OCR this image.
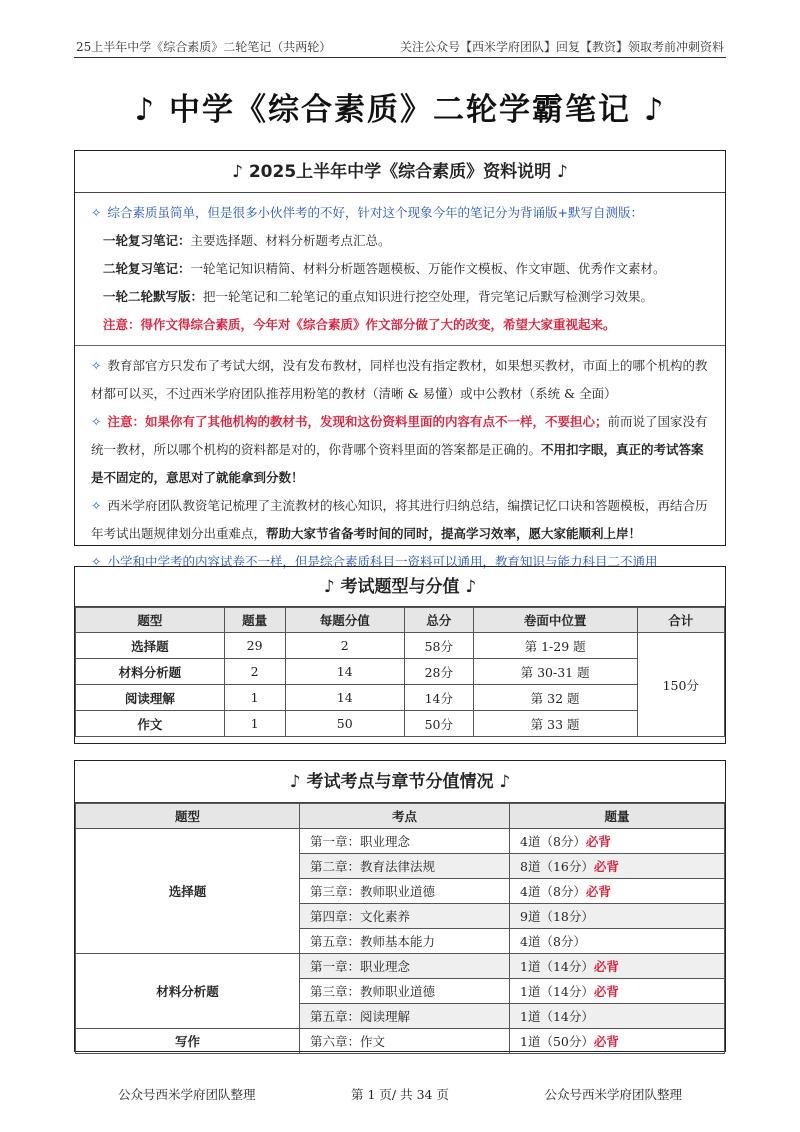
25上半年中学《综合素质》二轮笔记（共两轮）	关注公众号【西米学府团队】回复【教资】领取考前冲刺资料
♪ 中学《综合素质》二轮学霸笔记 ♪
♪ 2025上半年中学《综合素质》资料说明 ♪
✧ 综合素质虽简单，但是很多小伙伴考的不好，针对这个现象今年的笔记分为背诵版+默写自测版：
一轮复习笔记：主要选择题、材料分析题考点汇总。
二轮复习笔记：一轮笔记知识精简、材料分析题答题模板、万能作文模板、作文审题、优秀作文素材。
一轮二轮默写版：把一轮笔记和二轮笔记的重点知识进行挖空处理，背完笔记后默写检测学习效果。
注意：得作文得综合素质，今年对《综合素质》作文部分做了大的改变，希望大家重视起来。
✧ 教育部官方只发布了考试大纲，没有发布教材，同样也没有指定教材，如果想买教材，市面上的哪个机构的教材都可以买，不过西米学府团队推荐用粉笔的教材（清晰 & 易懂）或中公教材（系统 & 全面）
✧ 注意：如果你有了其他机构的教材书，发现和这份资料里面的内容有点不一样，不要担心；前而说了国家没有统一教材，所以哪个机构的资料都是对的，你背哪个资料里面的答案都是正确的。不用扣字眼，真正的考试答案是不固定的，意思对了就能拿到分数！
✧ 西米学府团队教资笔记梳理了主流教材的核心知识，将其进行归纳总结，编撰记忆口诀和答题模板，再结合历年考试出题规律划分出重难点，帮助大家节省备考时间的同时，提高学习效率，愿大家能顺利上岸！
✧ 小学和中学考的内容试卷不一样，但是综合素质科目一资料可以通用，教育知识与能力科目二不通用
♪ 考试题型与分值 ♪
题型	题量	每题分值	总分	卷面中位置	合计
选择题	29	2	58分	第 1-29 题	150分
材料分析题	2	14	28分	第 30-31 题	
阅读理解	1	14	14分	第 32 题	
作文	1	50	50分	第 33 题	
♪ 考试考点与章节分值情况 ♪
题型	考点	题量
选择题	第一章：职业理念	4道（8分）必背
	第二章：教育法律法规	8道（16分）必背
	第三章：教师职业道德	4道（8分）必背
	第四章：文化素养	9道（18分）
	第五章：教师基本能力	4道（8分）
材料分析题	第一章：职业理念	1道（14分）必背
	第三章：教师职业道德	1道（14分）必背
	第五章：阅读理解	1道（14分）
写作	第六章：作文	1道（50分）必背
公众号西米学府团队整理	第 1 页/ 共 34 页	公众号西米学府团队整理
